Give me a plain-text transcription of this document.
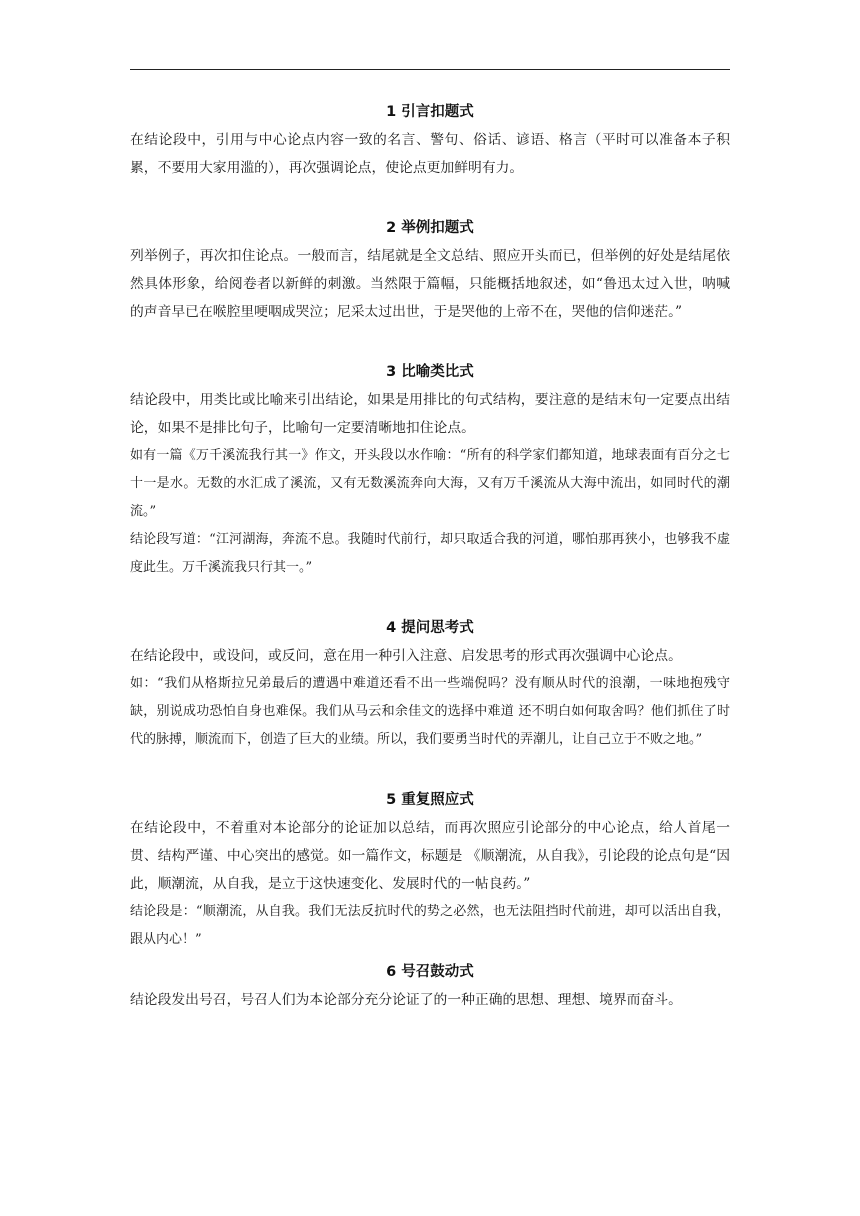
1 引言扣题式

在结论段中，引用与中心论点内容一致的名言、警句、俗话、谚语、格言（平时可以准备本子积累，不要用大家用滥的），再次强调论点，使论点更加鲜明有力。

2 举例扣题式

列举例子，再次扣住论点。一般而言，结尾就是全文总结、照应开头而已，但举例的好处是结尾依然具体形象，给阅卷者以新鲜的刺激。当然限于篇幅，只能概括地叙述，如“鲁迅太过入世，呐喊的声音早已在喉腔里哽咽成哭泣；尼采太过出世，于是哭他的上帝不在，哭他的信仰迷茫。”

3 比喻类比式

结论段中，用类比或比喻来引出结论，如果是用排比的句式结构，要注意的是结末句一定要点出结论，如果不是排比句子，比喻句一定要清晰地扣住论点。

如有一篇《万千溪流我行其一》作文，开头段以水作喻：“所有的科学家们都知道，地球表面有百分之七十一是水。无数的水汇成了溪流，又有无数溪流奔向大海，又有万千溪流从大海中流出，如同时代的潮流。”

结论段写道：“江河湖海，奔流不息。我随时代前行，却只取适合我的河道，哪怕那再狭小，也够我不虚度此生。万千溪流我只行其一。”

4 提问思考式

在结论段中，或设问，或反问，意在用一种引入注意、启发思考的形式再次强调中心论点。

如：“我们从格斯拉兄弟最后的遭遇中难道还看不出一些端倪吗？没有顺从时代的浪潮，一味地抱残守缺，别说成功恐怕自身也难保。我们从马云和余佳文的选择中难道 还不明白如何取舍吗？他们抓住了时代的脉搏，顺流而下，创造了巨大的业绩。所以，我们要勇当时代的弄潮儿，让自己立于不败之地。”

5 重复照应式

在结论段中，不着重对本论部分的论证加以总结，而再次照应引论部分的中心论点，给人首尾一贯、结构严谨、中心突出的感觉。如一篇作文，标题是 《顺潮流，从自我》，引论段的论点句是“因此，顺潮流，从自我，是立于这快速变化、发展时代的一帖良药。”

结论段是：“顺潮流，从自我。我们无法反抗时代的势之必然，也无法阻挡时代前进，却可以活出自我，跟从内心！”

6 号召鼓动式

结论段发出号召，号召人们为本论部分充分论证了的一种正确的思想、理想、境界而奋斗。
